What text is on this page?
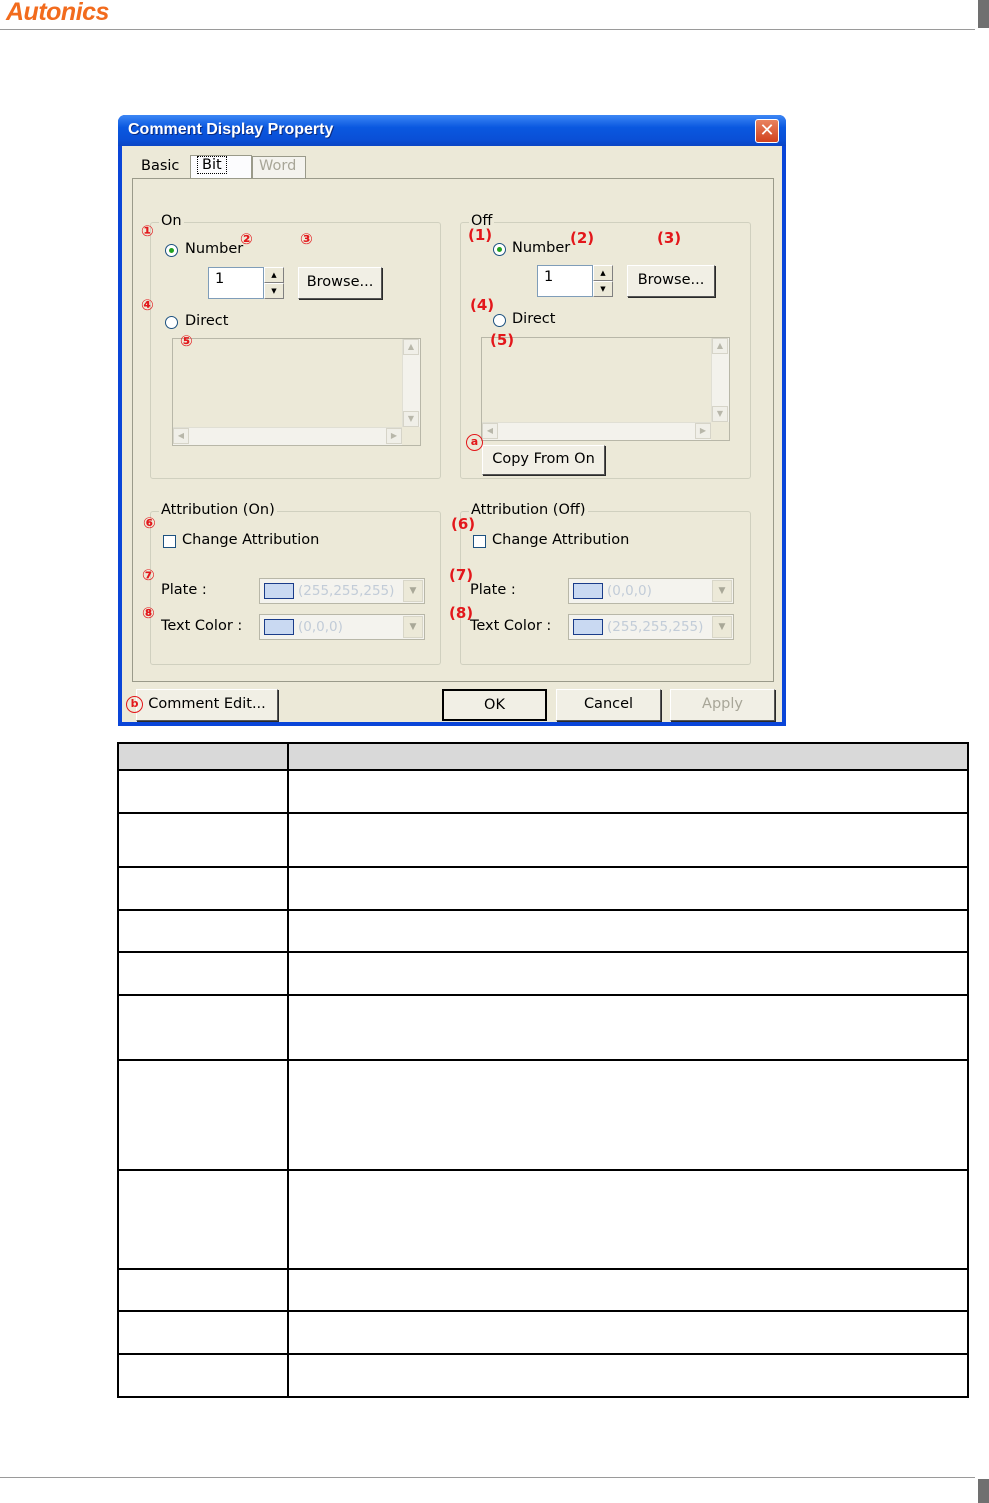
Autonics
Comment Display Property	✕
Basic	Bit	Word
On
Number
1	▲
▼
Browse...
Direct
▲
▼
◀	▶
Off
Number
1	▲
▼
Browse...
Direct
▲
▼
◀	▶
Copy From On
Attribution (On)
Change Attribution
Plate :	(255,255,255)	▼
Text Color :	(0,0,0)	▼
Attribution (Off)
Change Attribution
Plate :	(0,0,0)	▼
Text Color :	(255,255,255)	▼
Comment Edit...	OK	Cancel	Apply
①	②	③
④
⑤
⑥
⑦
⑧
(1)	(2)	(3)
(4)
(5)
(6)
(7)
(8)
a
b
